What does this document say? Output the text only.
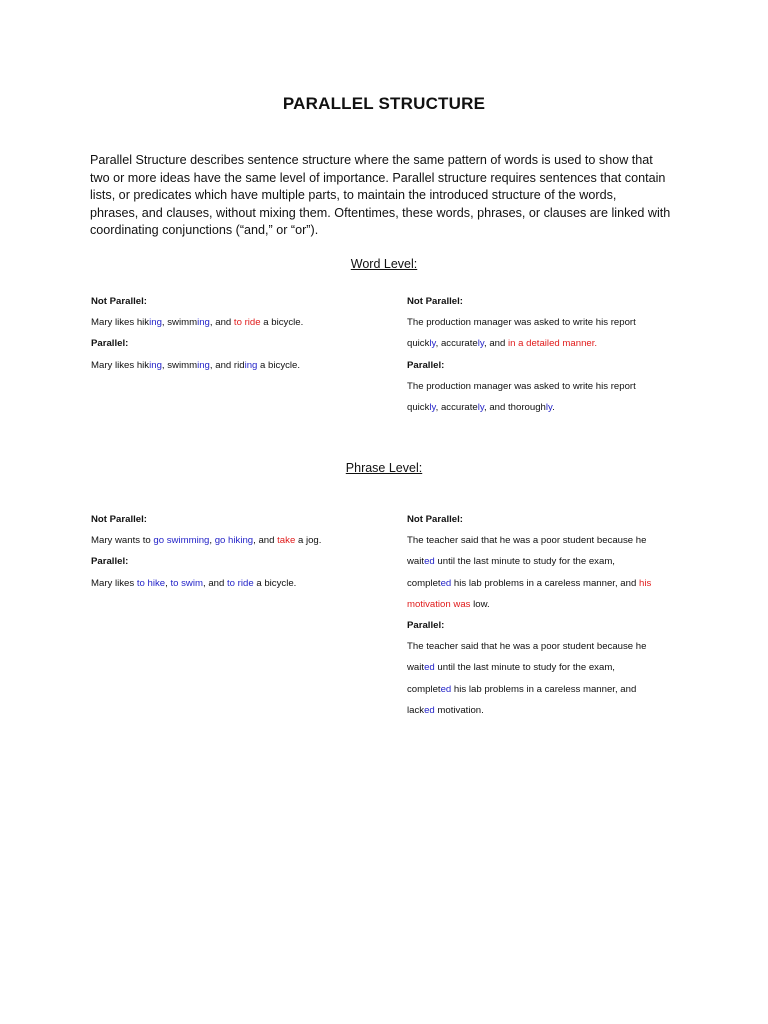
PARALLEL STRUCTURE
Parallel Structure describes sentence structure where the same pattern of words is used to show that
two or more ideas have the same level of importance. Parallel structure requires sentences that contain
lists, or predicates which have multiple parts, to maintain the introduced structure of the words,
phrases, and clauses, without mixing them. Oftentimes, these words, phrases, or clauses are linked with
coordinating conjunctions (“and,” or “or”).
Word Level:
Not Parallel:
Mary likes hiking, swimming, and to ride a bicycle.
Parallel:
Mary likes hiking, swimming, and riding a bicycle.
Not Parallel:
The production manager was asked to write his report
quickly, accurately, and in a detailed manner.
Parallel:
The production manager was asked to write his report
quickly, accurately, and thoroughly.
Phrase Level:
Not Parallel:
Mary wants to go swimming, go hiking, and take a jog.
Parallel:
Mary likes to hike, to swim, and to ride a bicycle.
Not Parallel:
The teacher said that he was a poor student because he
waited until the last minute to study for the exam,
completed his lab problems in a careless manner, and his
motivation was low.
Parallel:
The teacher said that he was a poor student because he
waited until the last minute to study for the exam,
completed his lab problems in a careless manner, and
lacked motivation.
